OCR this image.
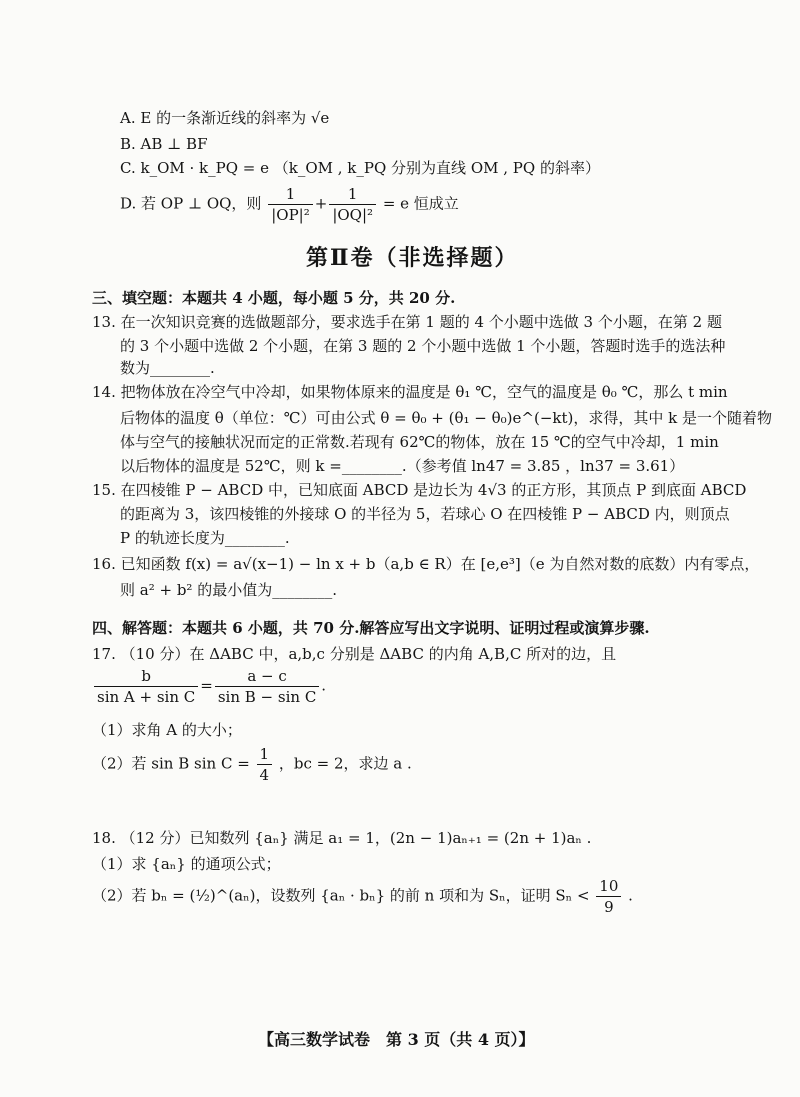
A. E 的一条渐近线的斜率为 √e
B. AB ⊥ BF
C. k_OM · k_PQ = e （k_OM , k_PQ 分别为直线 OM , PQ 的斜率）
D. 若 OP ⊥ OQ，则 $\frac{1}{\text{|OP|²}} + \frac{1}{\text{|OQ|²}} = e$ 恒成立
第Ⅱ卷（非选择题）
三、填空题：本题共 4 小题，每小题 5 分，共 20 分.
13. 在一次知识竞赛的选做题部分，要求选手在第 1 题的 4 个小题中选做 3 个小题，在第 2 题
的 3 个小题中选做 2 个小题，在第 3 题的 2 个小题中选做 1 个小题，答题时选手的选法种
数为________.
14. 把物体放在冷空气中冷却，如果物体原来的温度是 θ₁ ℃，空气的温度是 θ₀ ℃，那么 t min
后物体的温度 θ（单位：℃）可由公式 θ = θ₀ + (θ₁ − θ₀)e^(−kt)，求得，其中 k 是一个随着物
体与空气的接触状况而定的正常数.若现有 62℃的物体，放在 15 ℃的空气中冷却，1 min
以后物体的温度是 52℃，则 k =________.（参考值 ln47 = 3.85 ，ln37 = 3.61）
15. 在四棱锥 P − ABCD 中，已知底面 ABCD 是边长为 4√3 的正方形，其顶点 P 到底面 ABCD
的距离为 3，该四棱锥的外接球 O 的半径为 5，若球心 O 在四棱锥 P − ABCD 内，则顶点
P 的轨迹长度为________.
16. 已知函数 f(x) = a√(x−1) − ln x + b（a,b ∈ R）在 [e,e³]（e 为自然对数的底数）内有零点，
则 a² + b² 的最小值为________.
四、解答题：本题共 6 小题，共 70 分.解答应写出文字说明、证明过程或演算步骤.
17. （10 分）在 ΔABC 中，a,b,c 分别是 ΔABC 的内角 A,B,C 所对的边，且
$\frac{b}{\text{sin A + sin C}} = \frac{a - c}{\text{sin B − sin C}}$ .
（1）求角 A 的大小；
（2）若 sin B $\sin C = \frac{1}{4}$ ，bc = 2，求边 a .
18. （12 分）已知数列 {aₙ} 满足 a₁ = 1，(2n − 1)aₙ₊₁ = (2n + 1)aₙ .
（1）求 {aₙ} 的通项公式；
（2）若 bₙ = (½)^(aₙ)，设数列 {aₙ · bₙ} 的前 n 项和为 Sₙ，证明 $S_n < \frac{10}{9}$ .
【高三数学试卷　第 3 页（共 4 页）】
